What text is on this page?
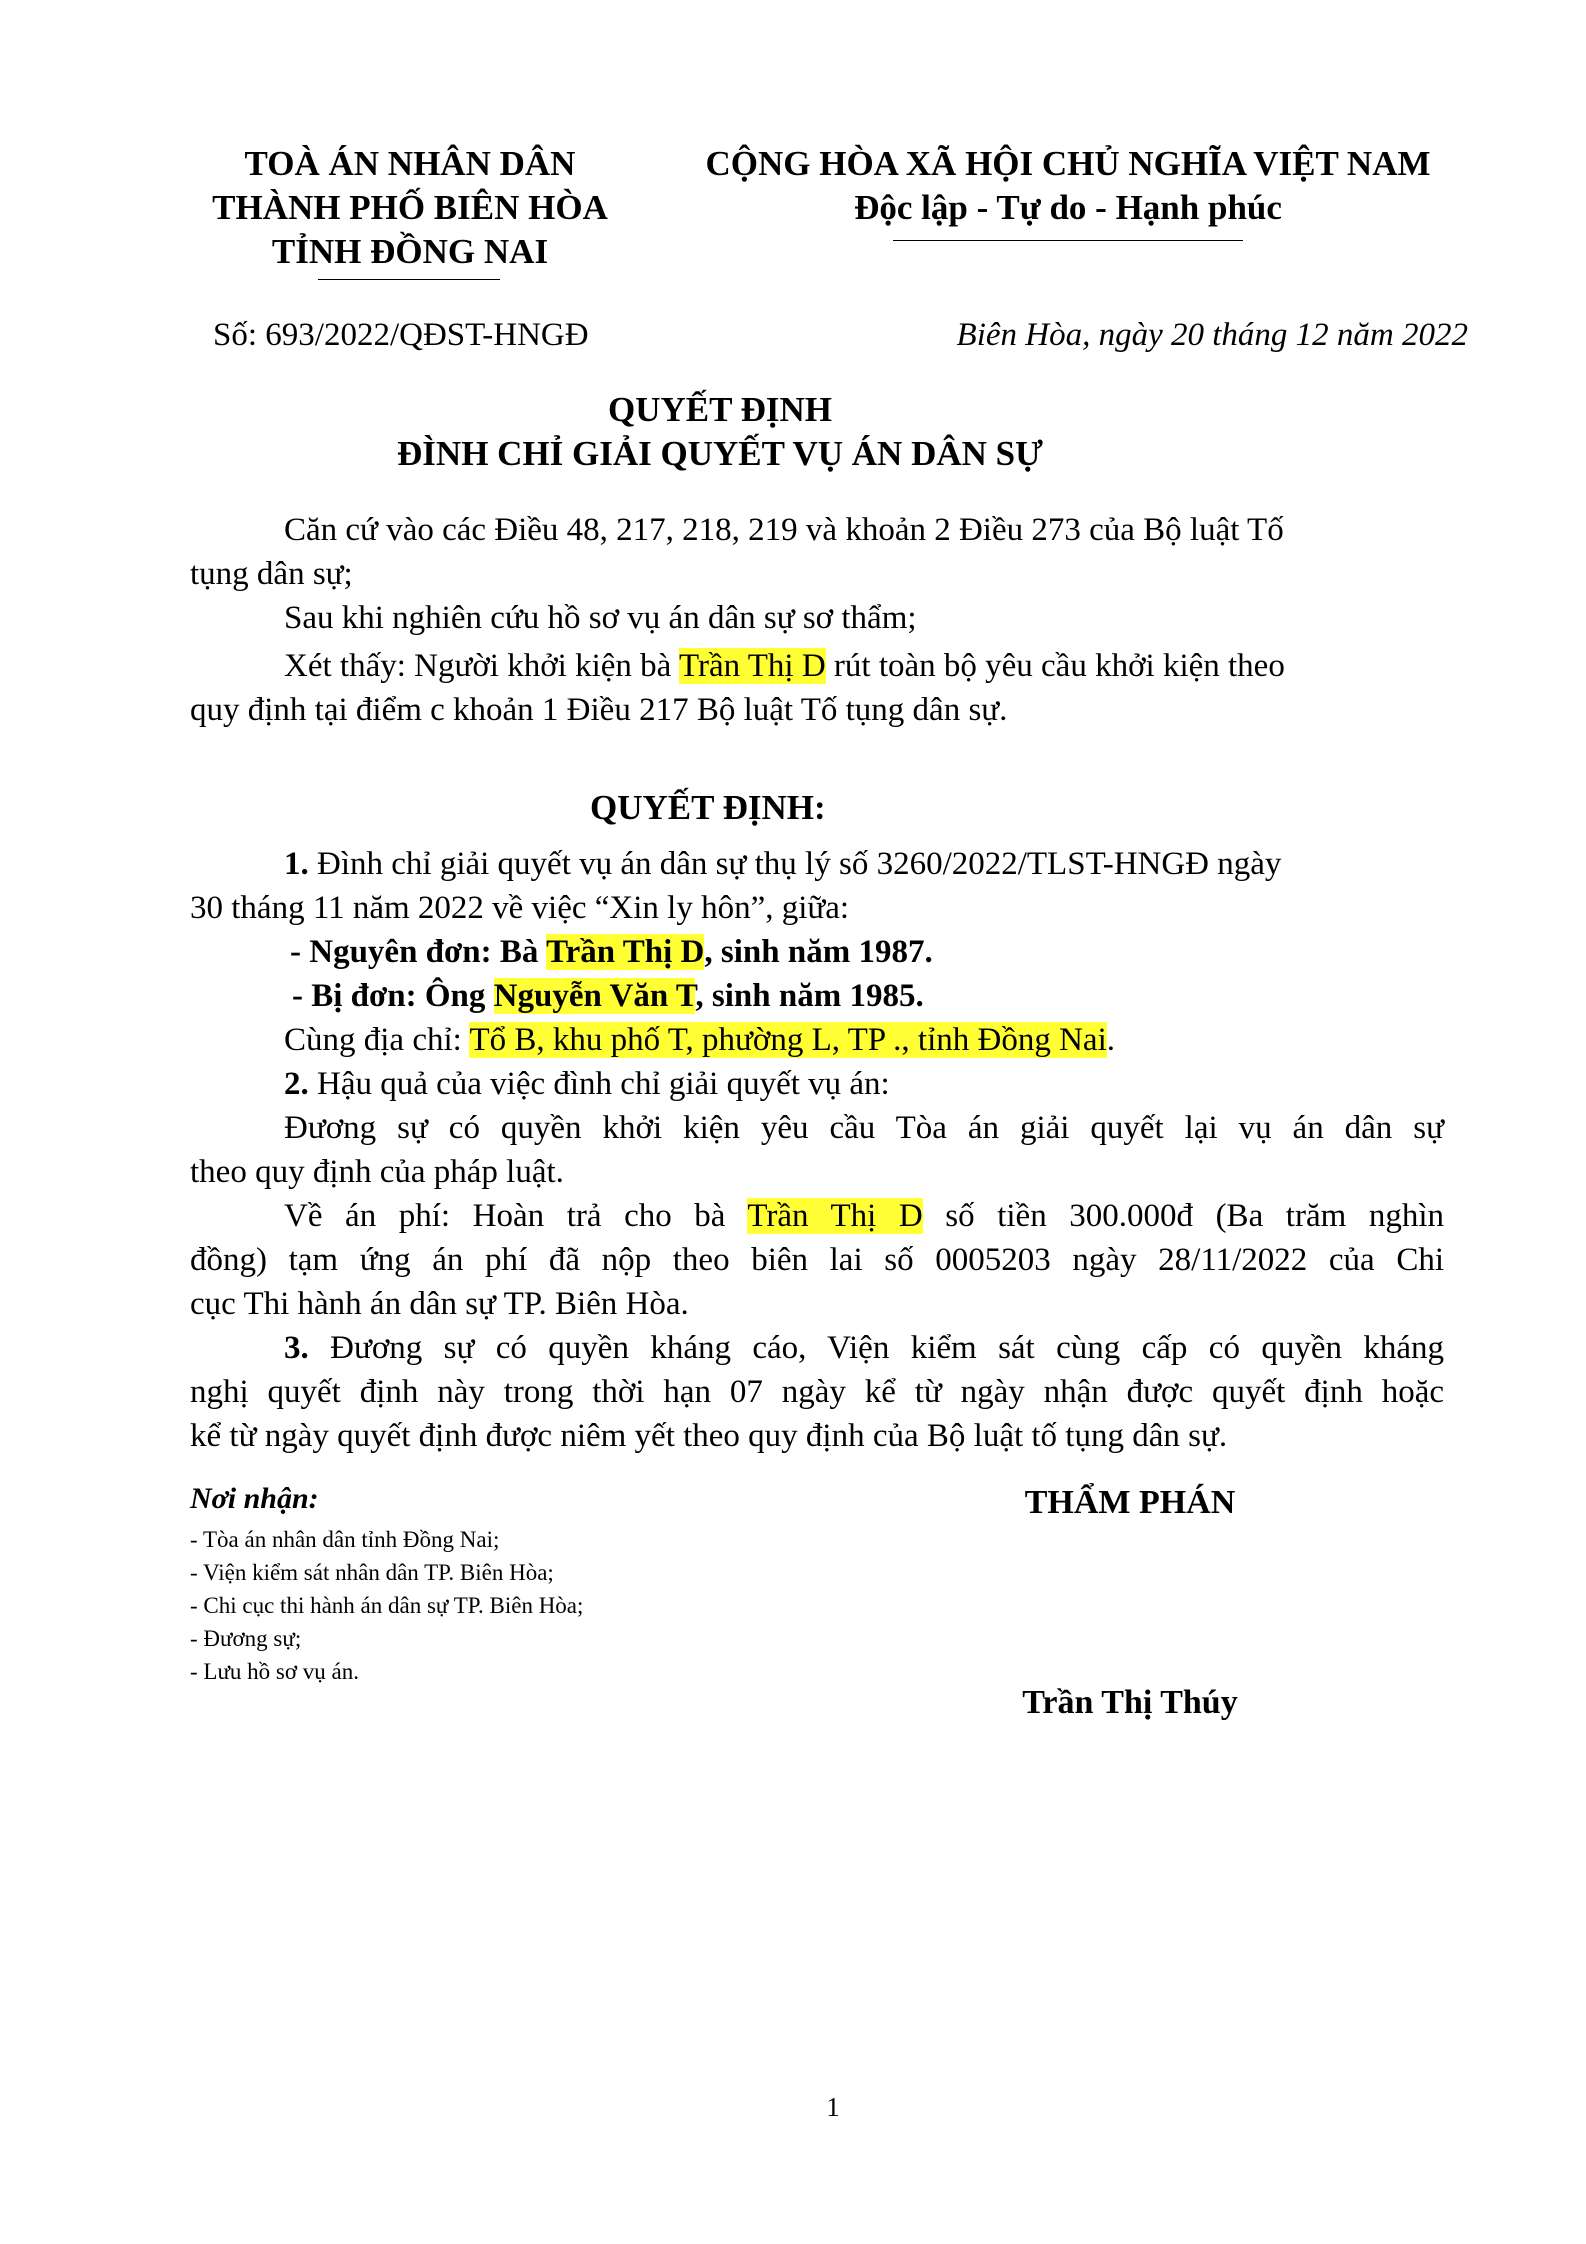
TOÀ ÁN NHÂN DÂN
THÀNH PHỐ BIÊN HÒA
TỈNH ĐỒNG NAI
CỘNG HÒA XÃ HỘI CHỦ NGHĨA VIỆT NAM
Độc lập - Tự do - Hạnh phúc
Số: 693/2022/QĐST-HNGĐ	Biên Hòa, ngày 20 tháng 12 năm 2022
QUYẾT ĐỊNH
ĐÌNH CHỈ GIẢI QUYẾT VỤ ÁN DÂN SỰ
Căn cứ vào các Điều 48, 217, 218, 219 và khoản 2 Điều 273 của Bộ luật Tố
tụng dân sự;
Sau khi nghiên cứu hồ sơ vụ án dân sự sơ thẩm;
Xét thấy: Người khởi kiện bà Trần Thị D rút toàn bộ yêu cầu khởi kiện theo
quy định tại điểm c khoản 1 Điều 217 Bộ luật Tố tụng dân sự.
QUYẾT ĐỊNH:
1. Đình chỉ giải quyết vụ án dân sự thụ lý số 3260/2022/TLST-HNGĐ ngày
30 tháng 11 năm 2022 về việc “Xin ly hôn”, giữa:
- Nguyên đơn: Bà Trần Thị D, sinh năm 1987.
- Bị đơn: Ông Nguyễn Văn T, sinh năm 1985.
Cùng địa chỉ: Tổ B, khu phố T, phường L, TP ., tỉnh Đồng Nai.
2. Hậu quả của việc đình chỉ giải quyết vụ án:
Đương sự có quyền khởi kiện yêu cầu Tòa án giải quyết lại vụ án dân sự
theo quy định của pháp luật.
Về án phí: Hoàn trả cho bà Trần Thị D số tiền 300.000đ (Ba trăm nghìn
đồng) tạm ứng án phí đã nộp theo biên lai số 0005203 ngày 28/11/2022 của Chi
cục Thi hành án dân sự TP. Biên Hòa.
3. Đương sự có quyền kháng cáo, Viện kiểm sát cùng cấp có quyền kháng
nghị quyết định này trong thời hạn 07 ngày kể từ ngày nhận được quyết định hoặc
kể từ ngày quyết định được niêm yết theo quy định của Bộ luật tố tụng dân sự.
Nơi nhận:
- Tòa án nhân dân tỉnh Đồng Nai;
- Viện kiểm sát nhân dân TP. Biên Hòa;
- Chi cục thi hành án dân sự TP. Biên Hòa;
- Đương sự;
- Lưu hồ sơ vụ án.
THẨM PHÁN
Trần Thị Thúy
1
